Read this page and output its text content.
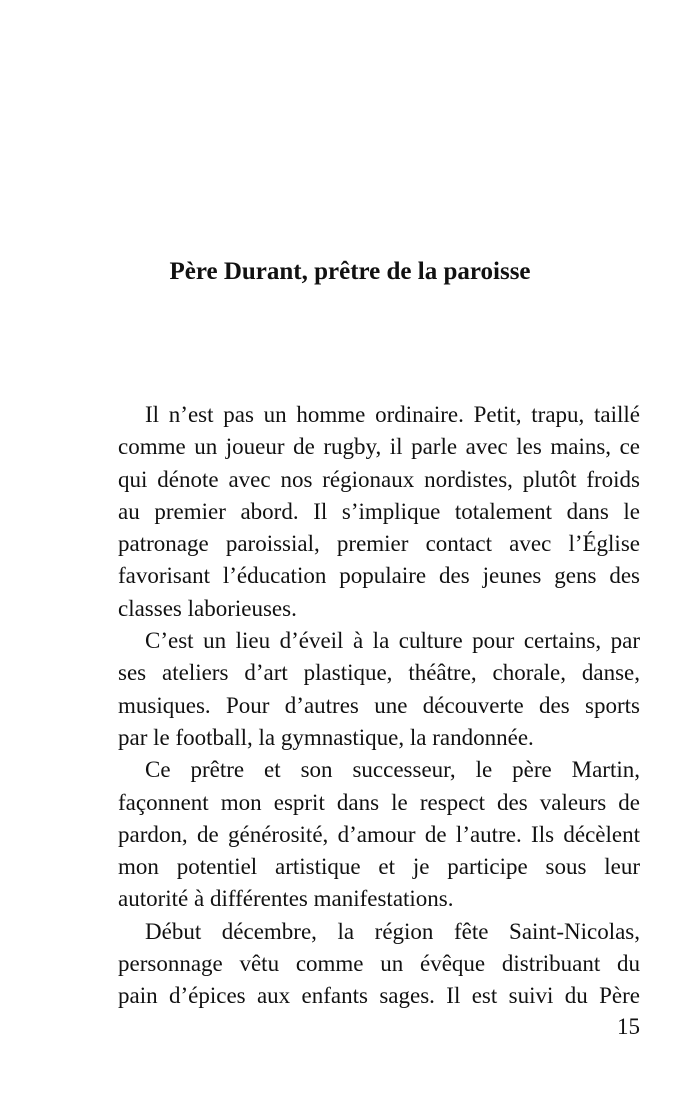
Père Durant, prêtre de la paroisse
Il n’est pas un homme ordinaire. Petit, trapu, taillé
comme un joueur de rugby, il parle avec les mains, ce
qui dénote avec nos régionaux nordistes, plutôt froids
au premier abord. Il s’implique totalement dans le
patronage paroissial, premier contact avec l’Église
favorisant l’éducation populaire des jeunes gens des
classes laborieuses.
C’est un lieu d’éveil à la culture pour certains, par
ses ateliers d’art plastique, théâtre, chorale, danse,
musiques. Pour d’autres une découverte des sports
par le football, la gymnastique, la randonnée.
Ce prêtre et son successeur, le père Martin,
façonnent mon esprit dans le respect des valeurs de
pardon, de générosité, d’amour de l’autre. Ils décèlent
mon potentiel artistique et je participe sous leur
autorité à différentes manifestations.
Début décembre, la région fête Saint-Nicolas,
personnage vêtu comme un évêque distribuant du
pain d’épices aux enfants sages. Il est suivi du Père
15
